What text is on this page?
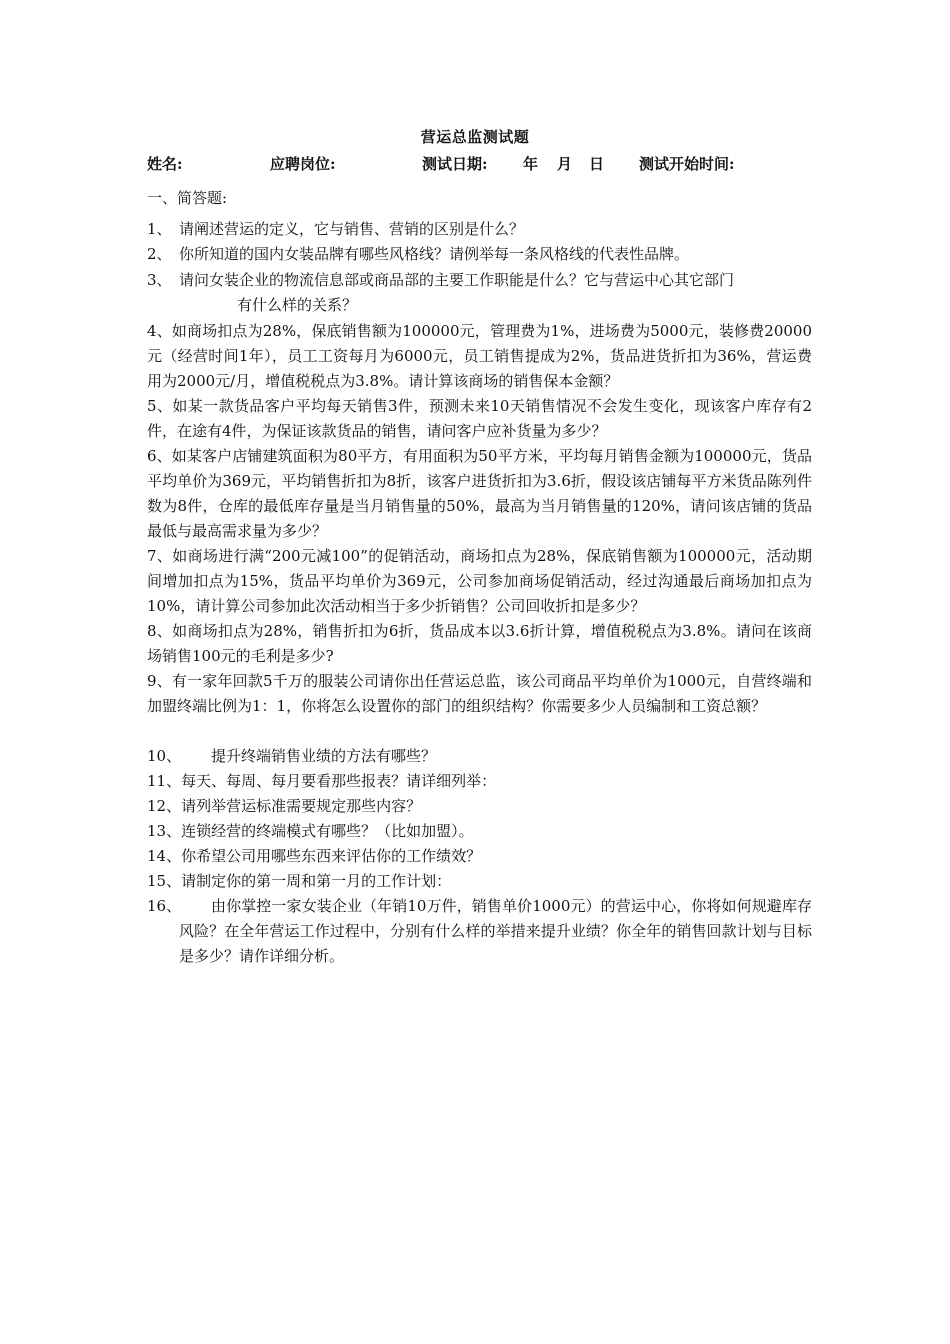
营运总监测试题
姓名:	应聘岗位:	测试日期: 年 月 日 测试开始时间:
一、简答题:
1、 请阐述营运的定义，它与销售、营销的区别是什么？
2、 你所知道的国内女装品牌有哪些风格线？请例举每一条风格线的代表性品牌。
3、 请问女装企业的物流信息部或商品部的主要工作职能是什么？它与营运中心其它部门
有什么样的关系？
4、如商场扣点为28%，保底销售额为100000元，管理费为1%，进场费为5000元，装修费20000元（经营时间1年），员工工资每月为6000元，员工销售提成为2%，货品进货折扣为36%，营运费用为2000元/月，增值税税点为3.8%。请计算该商场的销售保本金额？
5、如某一款货品客户平均每天销售3件，预测未来10天销售情况不会发生变化，现该客户库存有2件，在途有4件，为保证该款货品的销售，请问客户应补货量为多少？
6、如某客户店铺建筑面积为80平方，有用面积为50平方米，平均每月销售金额为100000元，货品平均单价为369元，平均销售折扣为8折，该客户进货折扣为3.6折，假设该店铺每平方米货品陈列件数为8件，仓库的最低库存量是当月销售量的50%，最高为当月销售量的120%，请问该店铺的货品最低与最高需求量为多少？
7、如商场进行满“200元减100”的促销活动，商场扣点为28%，保底销售额为100000元，活动期间增加扣点为15%，货品平均单价为369元，公司参加商场促销活动，经过沟通最后商场加扣点为10%，请计算公司参加此次活动相当于多少折销售？公司回收折扣是多少？
8、如商场扣点为28%，销售折扣为6折，货品成本以3.6折计算，增值税税点为3.8%。请问在该商场销售100元的毛利是多少?
9、有一家年回款5千万的服装公司请你出任营运总监，该公司商品平均单价为1000元，自营终端和加盟终端比例为1：1，你将怎么设置你的部门的组织结构？你需要多少人员编制和工资总额？
10、 提升终端销售业绩的方法有哪些？
11、每天、每周、每月要看那些报表？请详细列举：
12、请列举营运标准需要规定那些内容？
13、连锁经营的终端模式有哪些？（比如加盟）。
14、你希望公司用哪些东西来评估你的工作绩效？
15、请制定你的第一周和第一月的工作计划：
16、 由你掌控一家女装企业（年销10万件，销售单价1000元）的营运中心，你将如何规避库存风险？在全年营运工作过程中，分别有什么样的举措来提升业绩？你全年的销售回款计划与目标是多少？请作详细分析。
